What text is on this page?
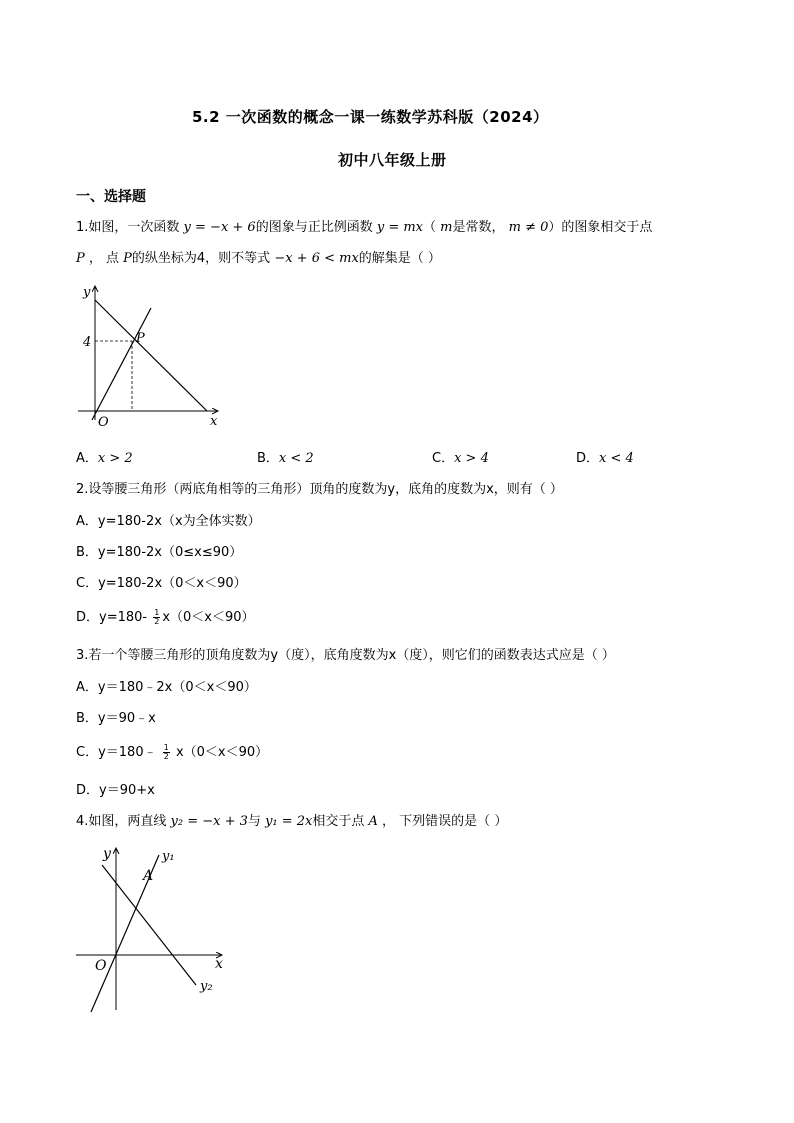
5.2 一次函数的概念一课一练数学苏科版（2024）
初中八年级上册
一、选择题
1.如图，一次函数 y = −x + 6的图象与正比例函数 y = mx（ m是常数， m ≠ 0）的图象相交于点
P ， 点 P的纵坐标为4，则不等式 −x + 6 < mx的解集是（ ）
y
x
O
P
4
A．x > 2	B．x < 2	C．x > 4	D．x < 4
2.设等腰三角形（两底角相等的三角形）顶角的度数为y，底角的度数为x，则有（ ）
A．y=180-2x（x为全体实数）
B．y=180-2x（0≤x≤90）
C．y=180-2x（0＜x＜90）
D．$y=180- \frac{1}{2} x(0<x<90)$
3.若一个等腰三角形的顶角度数为y（度），底角度数为x（度），则它们的函数表达式应是（ ）
A．y＝180﹣2x（0＜x＜90）
B．y＝90﹣x
C．y＝180﹣ $\frac{1}{2} x(0<x<90)$
D．y＝90+x
4.如图，两直线 y₂ = −x + 3与 y₁ = 2x相交于点 A ， 下列错误的是（ ）
y
x
O
A
y₁
y₂
